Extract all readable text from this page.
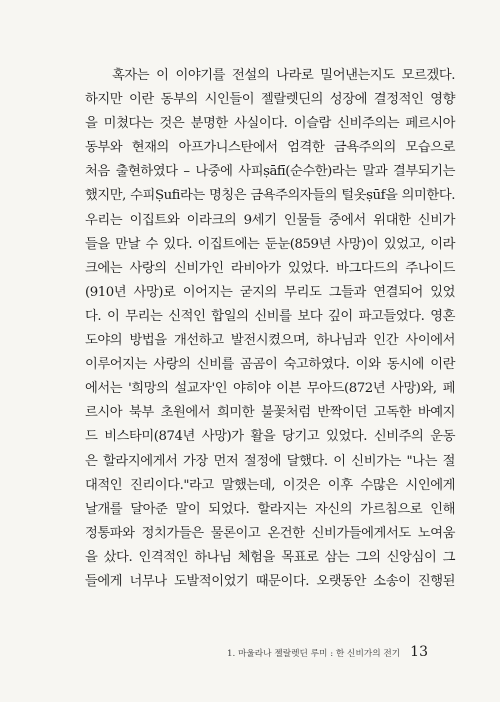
혹자는 이 이야기를 전설의 나라로 밀어낸는지도 모르겠다.
하지만 이란 동부의 시인들이 젤랄렛딘의 성장에 결정적인 영향
을 미쳤다는 것은 분명한 사실이다. 이슬람 신비주의는 페르시아
동부와 현재의 아프가니스탄에서 엄격한 금욕주의의 모습으로
처음 출현하였다 – 나중에 사피ṣāfī(순수한)라는 말과 결부되기는
했지만, 수피Ṣufi라는 명칭은 금욕주의자들의 털옷ṣūf을 의미한다.
우리는 이집트와 이라크의 9세기 인물들 중에서 위대한 신비가
들을 만날 수 있다. 이집트에는 둔눈(859년 사망)이 있었고, 이라
크에는 사랑의 신비가인 라비아가 있었다. 바그다드의 주나이드
(910년 사망)로 이어지는 굳지의 무리도 그들과 연결되어 있었
다. 이 무리는 신적인 합일의 신비를 보다 깊이 파고들었다. 영혼
도야의 방법을 개선하고 발전시켰으며, 하나님과 인간 사이에서
이루어지는 사랑의 신비를 곰곰이 숙고하였다. 이와 동시에 이란
에서는 '희망의 설교자'인 야히야 이븐 무아드(872년 사망)와, 페
르시아 북부 초원에서 희미한 불꽃처럼 반짝이던 고독한 바예지
드 비스타미(874년 사망)가 활을 당기고 있었다. 신비주의 운동
은 할라지에게서 가장 먼저 절정에 달했다. 이 신비가는 "나는 절
대적인 진리이다."라고 말했는데, 이것은 이후 수많은 시인에게
날개를 달아준 말이 되었다. 할라지는 자신의 가르침으로 인해
정통파와 정치가들은 물론이고 온건한 신비가들에게서도 노여움
을 샀다. 인격적인 하나님 체험을 목표로 삼는 그의 신앙심이 그
들에게 너무나 도발적이었기 때문이다. 오랫동안 소송이 진행된
1. 마울라나 젤랄렛딘 루미 : 한 신비가의 전기 13
